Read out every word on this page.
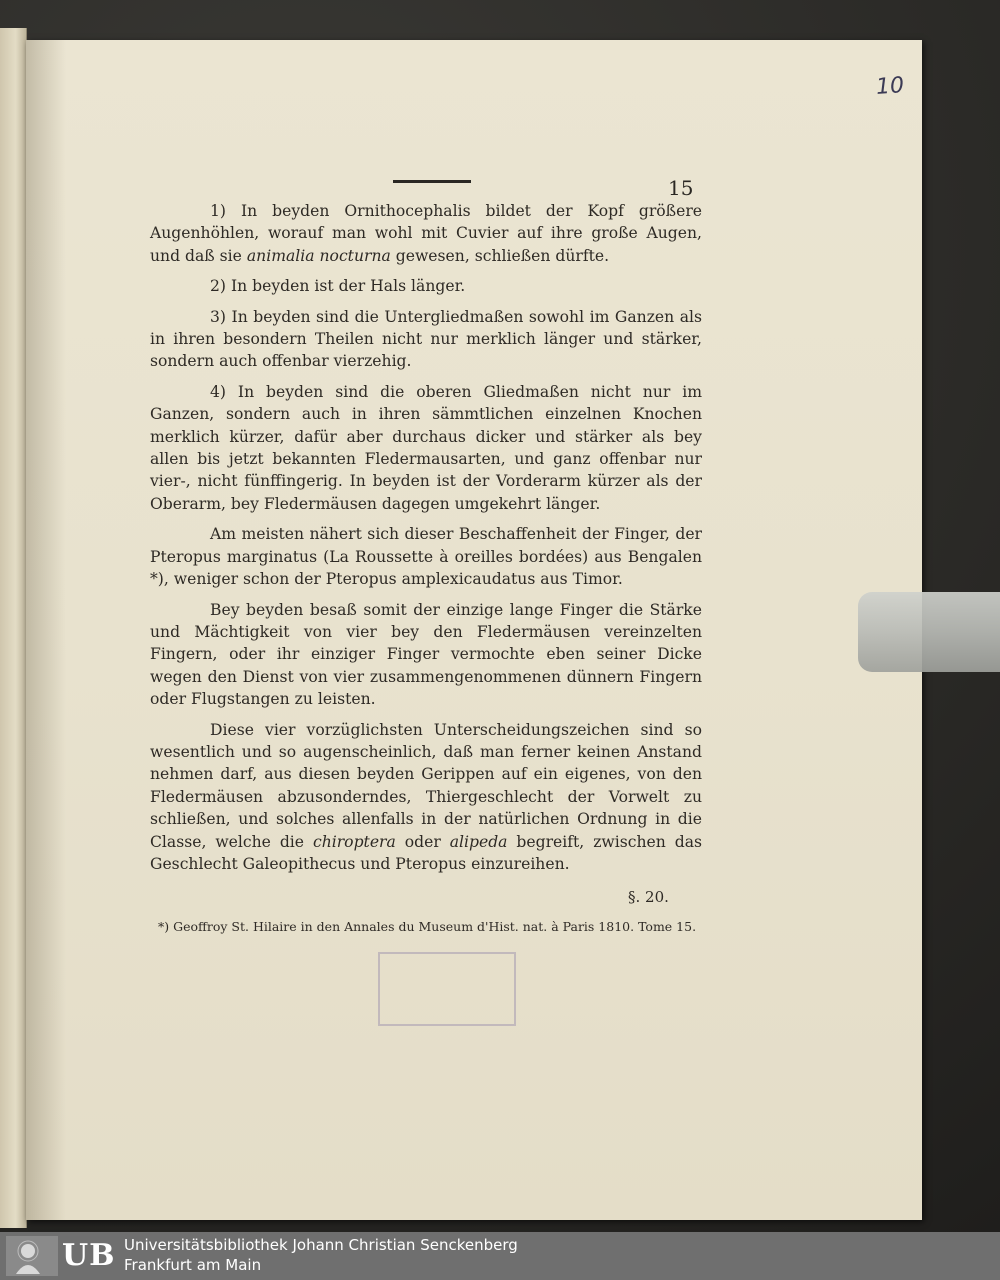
10
15

1) In beyden Ornithocephalis bildet der Kopf größere Augenhöhlen, worauf man wohl mit Cuvier auf ihre große Augen, und daß sie animalia nocturna gewesen, schließen dürfte.

2) In beyden ist der Hals länger.

3) In beyden sind die Untergliedmaßen sowohl im Ganzen als in ihren besondern Theilen nicht nur merklich länger und stärker, sondern auch offenbar vierzehig.

4) In beyden sind die oberen Gliedmaßen nicht nur im Ganzen, sondern auch in ihren sämmtlichen einzelnen Knochen merklich kürzer, dafür aber durchaus dicker und stärker als bey allen bis jetzt bekannten Fledermausarten, und ganz offenbar nur vier-, nicht fünffingerig. In beyden ist der Vorderarm kürzer als der Oberarm, bey Fledermäusen dagegen umgekehrt länger.

Am meisten nähert sich dieser Beschaffenheit der Finger, der Pteropus marginatus (La Roussette à oreilles bordées) aus Bengalen *), weniger schon der Pteropus amplexicaudatus aus Timor.

Bey beyden besaß somit der einzige lange Finger die Stärke und Mächtigkeit von vier bey den Fledermäusen vereinzelten Fingern, oder ihr einziger Finger vermochte eben seiner Dicke wegen den Dienst von vier zusammengenommenen dünnern Fingern oder Flugstangen zu leisten.

Diese vier vorzüglichsten Unterscheidungszeichen sind so wesentlich und so augenscheinlich, daß man ferner keinen Anstand nehmen darf, aus diesen beyden Gerippen auf ein eigenes, von den Fledermäusen abzusonderndes, Thiergeschlecht der Vorwelt zu schließen, und solches allenfalls in der natürlichen Ordnung in die Classe, welche die chiroptera oder alipeda begreift, zwischen das Geschlecht Galeopithecus und Pteropus einzureihen.

§. 20.
*) Geoffroy St. Hilaire in den Annales du Museum d'Hist. nat. à Paris 1810. Tome 15.
UB Universitätsbibliothek Johann Christian Senckenberg
Frankfurt am Main
